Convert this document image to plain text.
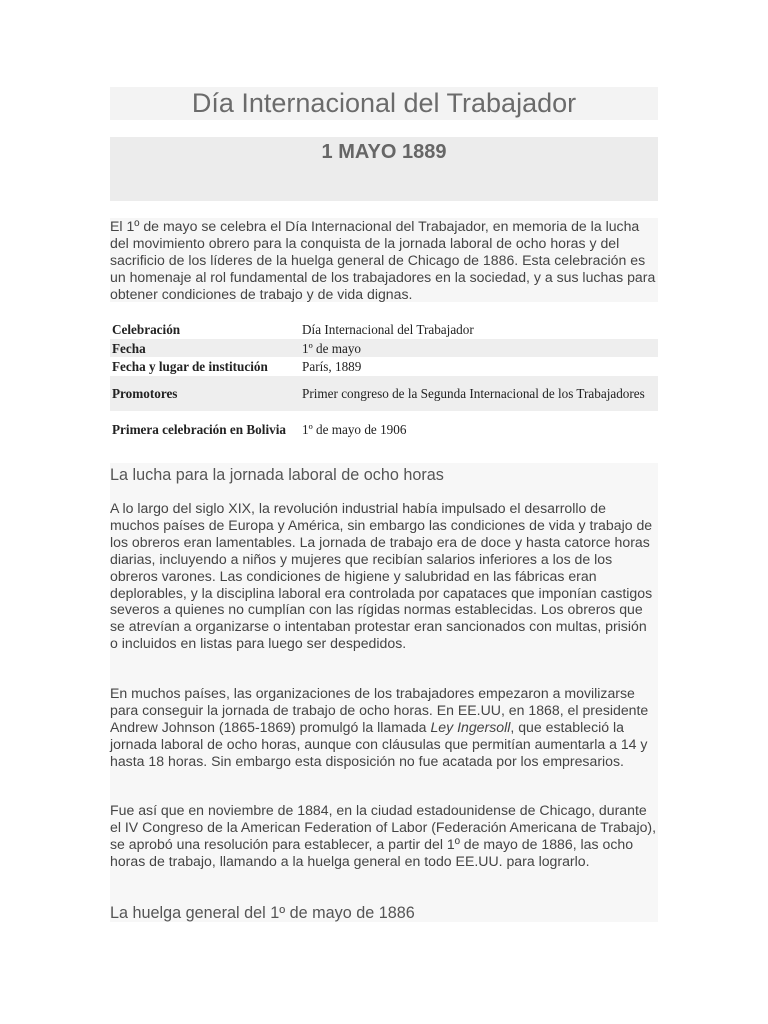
Día Internacional del Trabajador
1 MAYO 1889
El 1º de mayo se celebra el Día Internacional del Trabajador, en memoria de la lucha del movimiento obrero para la conquista de la jornada laboral de ocho horas y del sacrificio de los líderes de la huelga general de Chicago de 1886. Esta celebración es un homenaje al rol fundamental de los trabajadores en la sociedad, y a sus luchas para obtener condiciones de trabajo y de vida dignas.
Celebración	Día Internacional del Trabajador
Fecha	1º de mayo
Fecha y lugar de institución	París, 1889
Promotores	Primer congreso de la Segunda Internacional de los Trabajadores
Primera celebración en Bolivia	1º de mayo de 1906
La lucha para la jornada laboral de ocho horas

A lo largo del siglo XIX, la revolución industrial había impulsado el desarrollo de muchos países de Europa y América, sin embargo las condiciones de vida y trabajo de los obreros eran lamentables. La jornada de trabajo era de doce y hasta catorce horas diarias, incluyendo a niños y mujeres que recibían salarios inferiores a los de los obreros varones. Las condiciones de higiene y salubridad en las fábricas eran deplorables, y la disciplina laboral era controlada por capataces que imponían castigos severos a quienes no cumplían con las rígidas normas establecidas. Los obreros que se atrevían a organizarse o intentaban protestar eran sancionados con multas, prisión o incluidos en listas para luego ser despedidos.

En muchos países, las organizaciones de los trabajadores empezaron a movilizarse para conseguir la jornada de trabajo de ocho horas. En EE.UU, en 1868, el presidente Andrew Johnson (1865-1869) promulgó la llamada Ley Ingersoll, que estableció la jornada laboral de ocho horas, aunque con cláusulas que permitían aumentarla a 14 y hasta 18 horas. Sin embargo esta disposición no fue acatada por los empresarios.

Fue así que en noviembre de 1884, en la ciudad estadounidense de Chicago, durante el IV Congreso de la American Federation of Labor (Federación Americana de Trabajo), se aprobó una resolución para establecer, a partir del 1º de mayo de 1886, las ocho horas de trabajo, llamando a la huelga general en todo EE.UU. para lograrlo.

La huelga general del 1º de mayo de 1886
